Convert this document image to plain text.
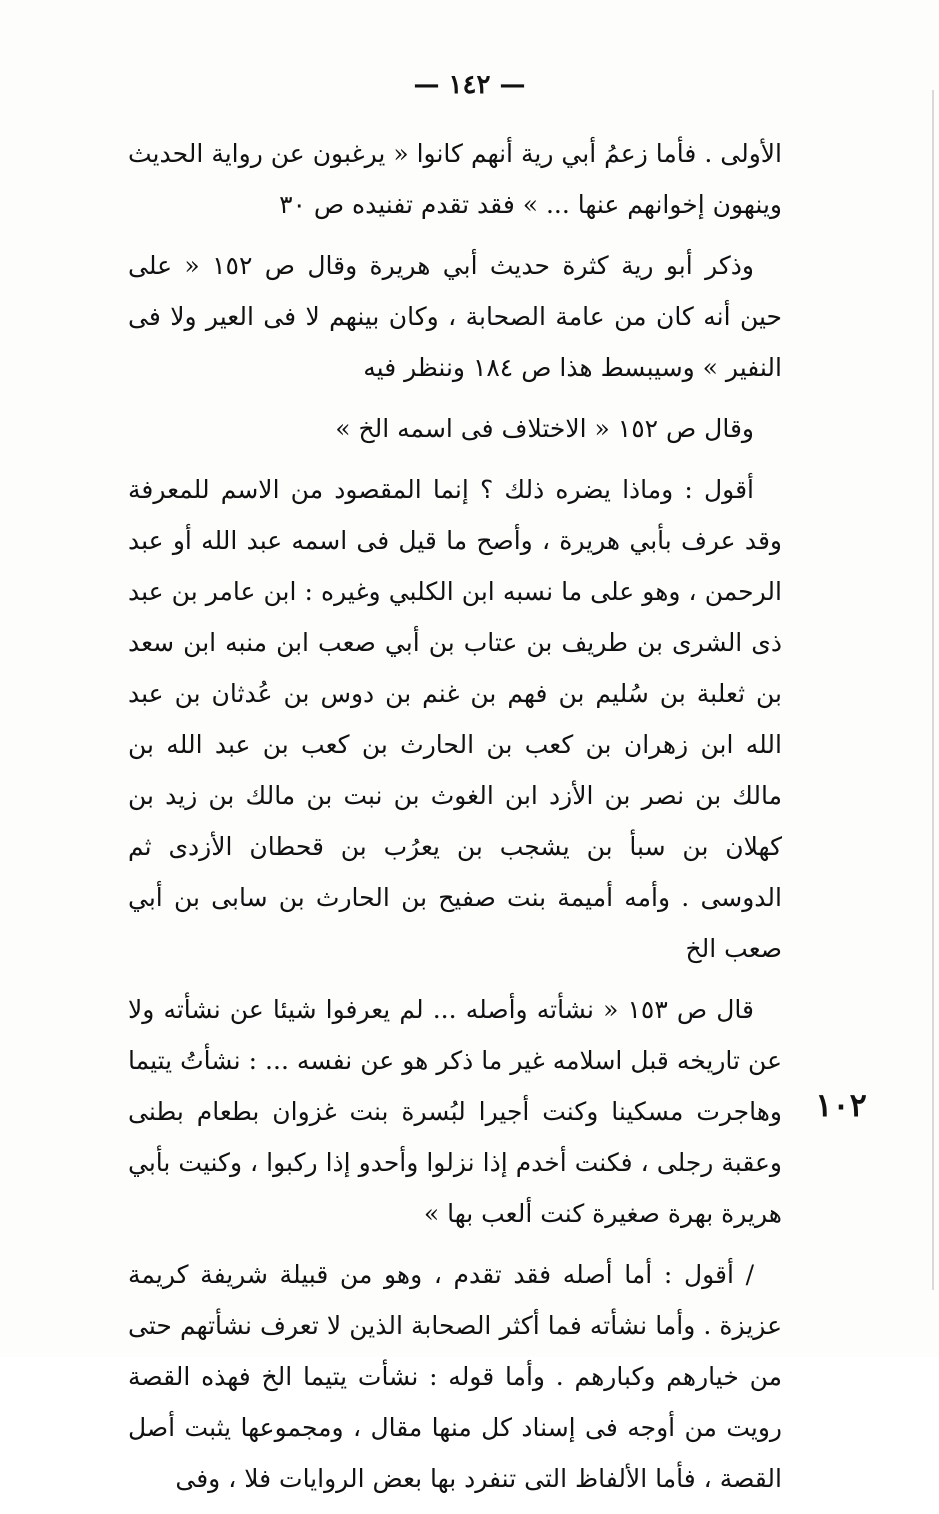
— ١٤٢ —
١٠٢

الأولى . فأما زعمُ أبي رية أنهم كانوا « يرغبون عن رواية الحديث وينهون إخوانهم عنها ... » فقد تقدم تفنيده ص ٣٠

وذكر أبو رية كثرة حديث أبي هريرة وقال ص ١٥٢ « على حين أنه كان من عامة الصحابة ، وكان بينهم لا فى العير ولا فى النفير » وسيبسط هذا ص ١٨٤ وننظر فيه

وقال ص ١٥٢ « الاختلاف فى اسمه الخ »

أقول : وماذا يضره ذلك ؟ إنما المقصود من الاسم للمعرفة وقد عرف بأبي هريرة ، وأصح ما قيل فى اسمه عبد الله أو عبد الرحمن ، وهو على ما نسبه ابن الكلبي وغيره : ابن عامر بن عبد ذى الشرى بن طريف بن عتاب بن أبي صعب ابن منبه ابن سعد بن ثعلبة بن سُليم بن فهم بن غنم بن دوس بن عُدثان بن عبد الله ابن زهران بن كعب بن الحارث بن كعب بن عبد الله بن مالك بن نصر بن الأزد ابن الغوث بن نبت بن مالك بن زيد بن كهلان بن سبأ بن يشجب بن يعرُب بن قحطان الأزدى ثم الدوسى . وأمه أميمة بنت صفيح بن الحارث بن سابى بن أبي صعب الخ

قال ص ١٥٣ « نشأته وأصله ... لم يعرفوا شيئا عن نشأته ولا عن تاريخه قبل اسلامه غير ما ذكر هو عن نفسه ... : نشأتُ يتيما وهاجرت مسكينا وكنت أجيرا لبُسرة بنت غزوان بطعام بطنى وعقبة رجلى ، فكنت أخدم إذا نزلوا وأحدو إذا ركبوا ، وكنيت بأبي هريرة بهرة صغيرة كنت ألعب بها »

/ أقول : أما أصله فقد تقدم ، وهو من قبيلة شريفة كريمة عزيزة . وأما نشأته فما أكثر الصحابة الذين لا تعرف نشأتهم حتى من خيارهم وكبارهم . وأما قوله : نشأت يتيما الخ فهذه القصة رويت من أوجه فى إسناد كل منها مقال ، ومجموعها يثبت أصل القصة ، فأما الألفاظ التى تنفرد بها بعض الروايات فلا ، وفى
